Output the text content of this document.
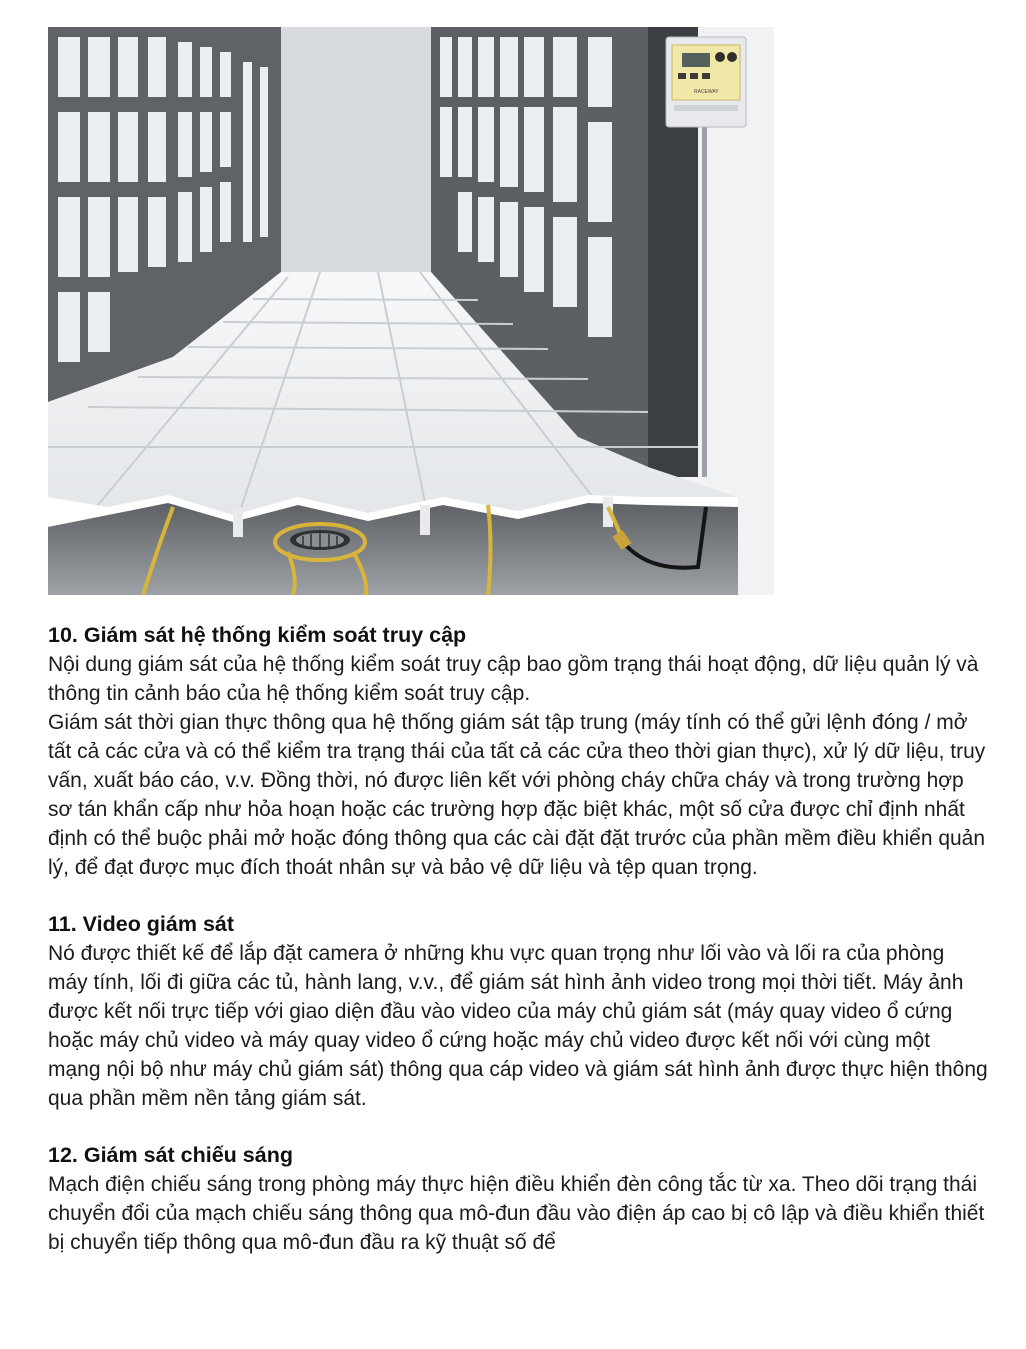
RACEWAY
10. Giám sát hệ thống kiểm soát truy cập

Nội dung giám sát của hệ thống kiểm soát truy cập bao gồm trạng thái hoạt động, dữ liệu quản lý và thông tin cảnh báo của hệ thống kiểm soát truy cập.

Giám sát thời gian thực thông qua hệ thống giám sát tập trung (máy tính có thể gửi lệnh đóng / mở tất cả các cửa và có thể kiểm tra trạng thái của tất cả các cửa theo thời gian thực), xử lý dữ liệu, truy vấn, xuất báo cáo, v.v. Đồng thời, nó được liên kết với phòng cháy chữa cháy và trong trường hợp sơ tán khẩn cấp như hỏa hoạn hoặc các trường hợp đặc biệt khác, một số cửa được chỉ định nhất định có thể buộc phải mở hoặc đóng thông qua các cài đặt đặt trước của phần mềm điều khiển quản lý, để đạt được mục đích thoát nhân sự và bảo vệ dữ liệu và tệp quan trọng.

11. Video giám sát

Nó được thiết kế để lắp đặt camera ở những khu vực quan trọng như lối vào và lối ra của phòng máy tính, lối đi giữa các tủ, hành lang, v.v., để giám sát hình ảnh video trong mọi thời tiết. Máy ảnh được kết nối trực tiếp với giao diện đầu vào video của máy chủ giám sát (máy quay video ổ cứng hoặc máy chủ video và máy quay video ổ cứng hoặc máy chủ video được kết nối với cùng một mạng nội bộ như máy chủ giám sát) thông qua cáp video và giám sát hình ảnh được thực hiện thông qua phần mềm nền tảng giám sát.

12. Giám sát chiếu sáng

Mạch điện chiếu sáng trong phòng máy thực hiện điều khiển đèn công tắc từ xa. Theo dõi trạng thái chuyển đổi của mạch chiếu sáng thông qua mô-đun đầu vào điện áp cao bị cô lập và điều khiển thiết bị chuyển tiếp thông qua mô-đun đầu ra kỹ thuật số để
